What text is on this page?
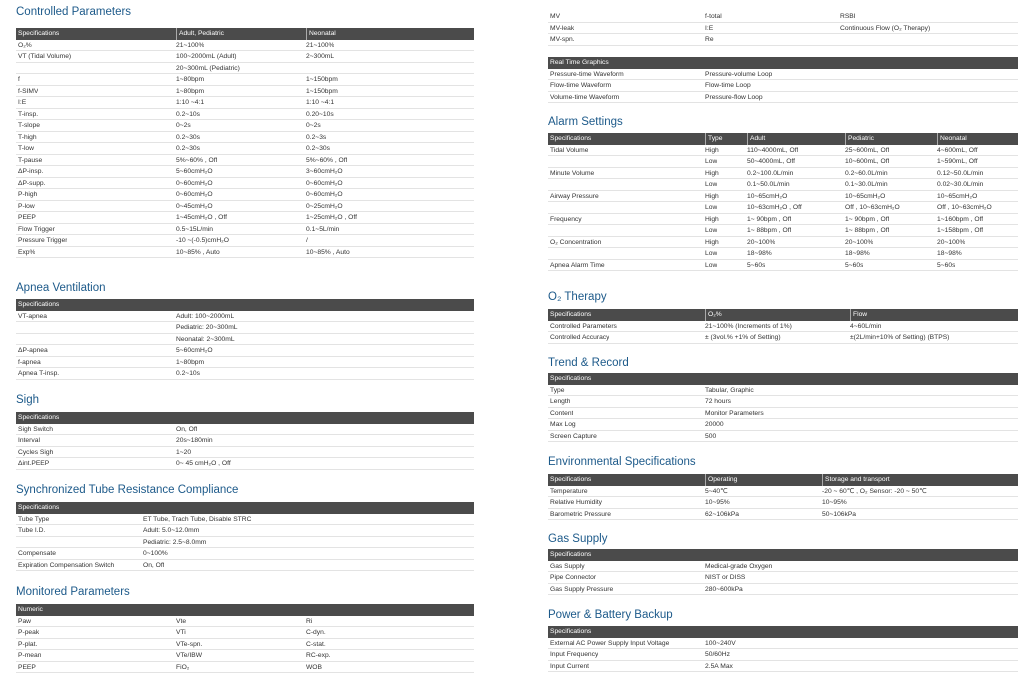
Controlled Parameters
Specifications	Adult, Pediatric	Neonatal
O₂%	21~100%	21~100%
VT (Tidal Volume)	100~2000mL (Adult)	2~300mL
20~300mL (Pediatric)
f	1~80bpm	1~150bpm
f-SIMV	1~80bpm	1~150bpm
I:E	1:10 ~4:1	1:10 ~4:1
T-insp.	0.2~10s	0.20~10s
T-slope	0~2s	0~2s
T-high	0.2~30s	0.2~3s
T-low	0.2~30s	0.2~30s
T-pause	5%~60% , Off	5%~60% , Off
ΔP-insp.	5~60cmH₂O	3~60cmH₂O
ΔP-supp.	0~60cmH₂O	0~60cmH₂O
P-high	0~60cmH₂O	0~60cmH₂O
P-low	0~45cmH₂O	0~25cmH₂O
PEEP	1~45cmH₂O , Off	1~25cmH₂O , Off
Flow Trigger	0.5~15L/min	0.1~5L/min
Pressure Trigger	-10 ~(-0.5)cmH₂O	/
Exp%	10~85% , Auto	10~85% , Auto
Apnea Ventilation
Specifications
VT-apnea	Adult: 100~2000mL
Pediatric: 20~300mL
Neonatal: 2~300mL
ΔP-apnea	5~60cmH₂O
f-apnea	1~80bpm
Apnea T-insp.	0.2~10s
Sigh
Specifications
Sigh Switch	On, Off
Interval	20s~180min
Cycles Sigh	1~20
Δint.PEEP	0~ 45 cmH₂O , Off
Synchronized Tube Resistance Compliance
Specifications
Tube Type	ET Tube, Trach Tube, Disable STRC
Tube I.D.	Adult: 5.0~12.0mm
Pediatric: 2.5~8.0mm
Compensate	0~100%
Expiration Compensation Switch	On, Off
Monitored Parameters
Numeric
Paw	Vte	Ri
P-peak	VTi	C-dyn.
P-plat.	VTe-spn.	C-stat.
P-mean	VTe/IBW	RC-exp.
PEEP	FiO₂	WOB
MV	f-total	RSBI
MV-leak	I:E	Continuous Flow (O₂ Therapy)
MV-spn.	Re
Real Time Graphics
Pressure-time Waveform	Pressure-volume Loop
Flow-time Waveform	Flow-time Loop
Volume-time Waveform	Pressure-flow Loop
Alarm Settings
Specifications	Type	Adult	Pediatric	Neonatal
Tidal Volume	High	110~4000mL, Off	25~600mL, Off	4~600mL, Off
Low	50~4000mL, Off	10~600mL, Off	1~590mL, Off
Minute Volume	High	0.2~100.0L/min	0.2~60.0L/min	0.12~50.0L/min
Low	0.1~50.0L/min	0.1~30.0L/min	0.02~30.0L/min
Airway Pressure	High	10~65cmH₂O	10~65cmH₂O	10~65cmH₂O
Low	10~63cmH₂O , Off	Off , 10~63cmH₂O	Off , 10~63cmH₂O
Frequency	High	1~ 90bpm , Off	1~ 90bpm , Off	1~160bpm , Off
Low	1~ 88bpm , Off	1~ 88bpm , Off	1~158bpm , Off
O₂ Concentration	High	20~100%	20~100%	20~100%
Low	18~98%	18~98%	18~98%
Apnea Alarm Time	Low	5~60s	5~60s	5~60s
O₂ Therapy
Specifications	O₂%	Flow
Controlled Parameters	21~100% (Increments of 1%)	4~60L/min
Controlled Accuracy	± (3vol.% +1% of Setting)	±(2L/min+10% of Setting) (BTPS)
Trend & Record
Specifications
Type	Tabular, Graphic
Length	72 hours
Content	Monitor Parameters
Max Log	20000
Screen Capture	500
Environmental Specifications
Specifications	Operating	Storage and transport
Temperature	5~40℃	-20 ~ 60℃ , O₂ Sensor: -20 ~ 50℃
Relative Humidity	10~95%	10~95%
Barometric Pressure	62~106kPa	50~106kPa
Gas Supply
Specifications
Gas Supply	Medical-grade Oxygen
Pipe Connector	NIST or DISS
Gas Supply Pressure	280~600kPa
Power & Battery Backup
Specifications
External AC Power Supply Input Voltage	100~240V
Input Frequency	50/60Hz
Input Current	2.5A Max
